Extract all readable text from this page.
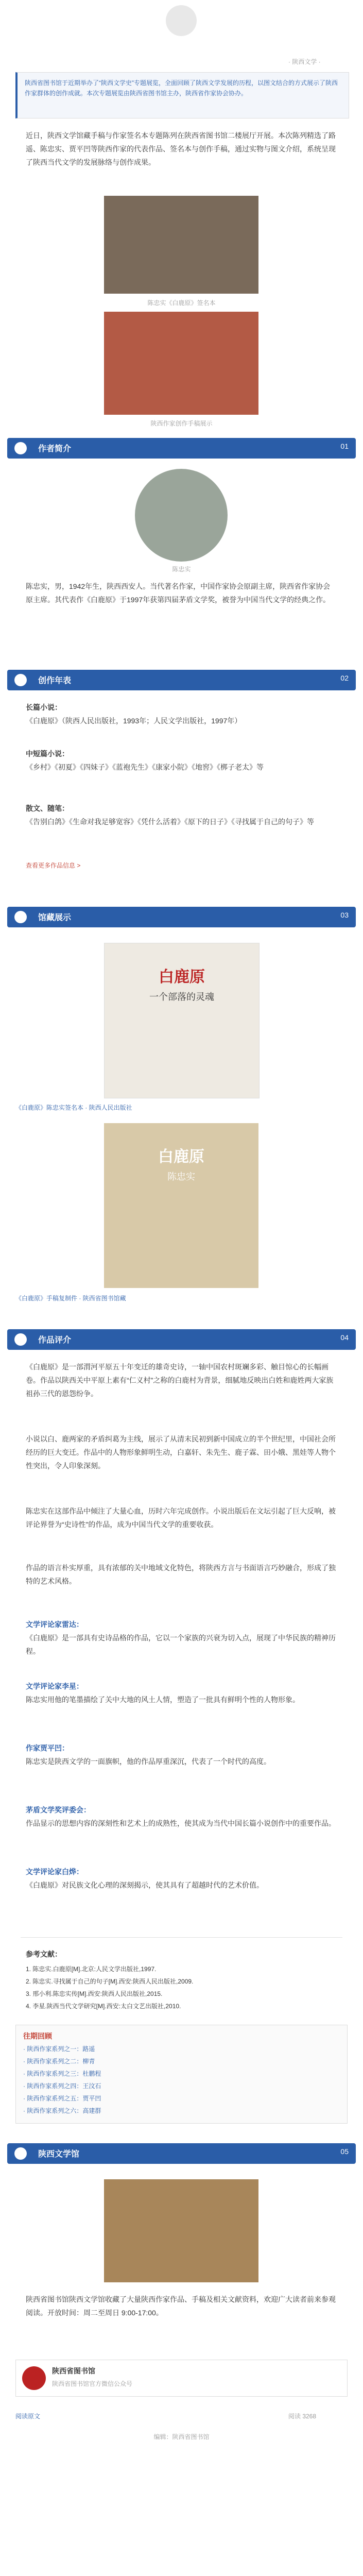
· 陕西文学 ·
陕西省图书馆于近期举办了“陕西文学史”专题展览，全面回顾了陕西文学发展的历程，以图文结合的方式展示了陕西作家群体的创作成就。本次专题展览由陕西省图书馆主办，陕西省作家协会协办。
近日，陕西文学馆藏手稿与作家签名本专题陈列在陕西省图书馆二楼展厅开展。本次陈列精选了路遥、陈忠实、贾平凹等陕西作家的代表作品、签名本与创作手稿，通过实物与图文介绍，系统呈现了陕西当代文学的发展脉络与创作成果。
陈忠实《白鹿原》签名本
陕西作家创作手稿展示
作者简介	01
陈忠实
陈忠实，男，1942年生，陕西西安人。当代著名作家，中国作家协会原副主席，陕西省作家协会原主席。其代表作《白鹿原》于1997年获第四届茅盾文学奖，被誉为中国当代文学的经典之作。
创作年表	02
长篇小说：
《白鹿原》（陕西人民出版社，1993年；人民文学出版社，1997年）
中短篇小说：
《乡村》《初夏》《四妹子》《蓝袍先生》《康家小院》《地窖》《梆子老太》等
散文、随笔：
《告别白鸽》《生命对我足够宽容》《凭什么活着》《原下的日子》《寻找属于自己的句子》等
查看更多作品信息 >
馆藏展示	03
白鹿原
一个部落的灵魂
《白鹿原》陈忠实签名本 · 陕西人民出版社
白鹿原
陈忠实
《白鹿原》手稿复制件 · 陕西省图书馆藏
作品评介	04
《白鹿原》是一部渭河平原五十年变迁的雄奇史诗，一轴中国农村斑斓多彩、触目惊心的长幅画卷。作品以陕西关中平原上素有“仁义村”之称的白鹿村为背景，细腻地反映出白姓和鹿姓两大家族祖孙三代的恩怨纷争。
小说以白、鹿两家的矛盾纠葛为主线，展示了从清末民初到新中国成立的半个世纪里，中国社会所经历的巨大变迁。作品中的人物形象鲜明生动，白嘉轩、朱先生、鹿子霖、田小娥、黑娃等人物个性突出，令人印象深刻。
陈忠实在这部作品中倾注了大量心血，历时六年完成创作。小说出版后在文坛引起了巨大反响，被评论界誉为“史诗性”的作品，成为中国当代文学的重要收获。
作品的语言朴实厚重，具有浓郁的关中地域文化特色，将陕西方言与书面语言巧妙融合，形成了独特的艺术风格。
文学评论家雷达：
《白鹿原》是一部具有史诗品格的作品，它以一个家族的兴衰为切入点，展现了中华民族的精神历程。
文学评论家李星：
陈忠实用他的笔墨描绘了关中大地的风土人情，塑造了一批具有鲜明个性的人物形象。
作家贾平凹：
陈忠实是陕西文学的一面旗帜，他的作品厚重深沉，代表了一个时代的高度。
茅盾文学奖评委会：
作品显示的思想内容的深刻性和艺术上的成熟性，使其成为当代中国长篇小说创作中的重要作品。
文学评论家白烨：
《白鹿原》对民族文化心理的深刻揭示，使其具有了超越时代的艺术价值。
参考文献：
1. 陈忠实.白鹿原[M].北京:人民文学出版社,1997.
2. 陈忠实.寻找属于自己的句子[M].西安:陕西人民出版社,2009.
3. 邢小利.陈忠实传[M].西安:陕西人民出版社,2015.
4. 李星.陕西当代文学研究[M].西安:太白文艺出版社,2010.
往期回顾
· 陕西作家系列之一：路遥
· 陕西作家系列之二：柳青
· 陕西作家系列之三：杜鹏程
· 陕西作家系列之四：王汶石
· 陕西作家系列之五：贾平凹
· 陕西作家系列之六：高建群
陕西文学馆	05
陕西省图书馆陕西文学馆收藏了大量陕西作家作品、手稿及相关文献资料，欢迎广大读者前来参观阅读。开放时间：周二至周日 9:00-17:00。
陕西省图书馆
陕西省图书馆官方微信公众号
阅读原文	阅读 3268
编辑：陕西省图书馆
